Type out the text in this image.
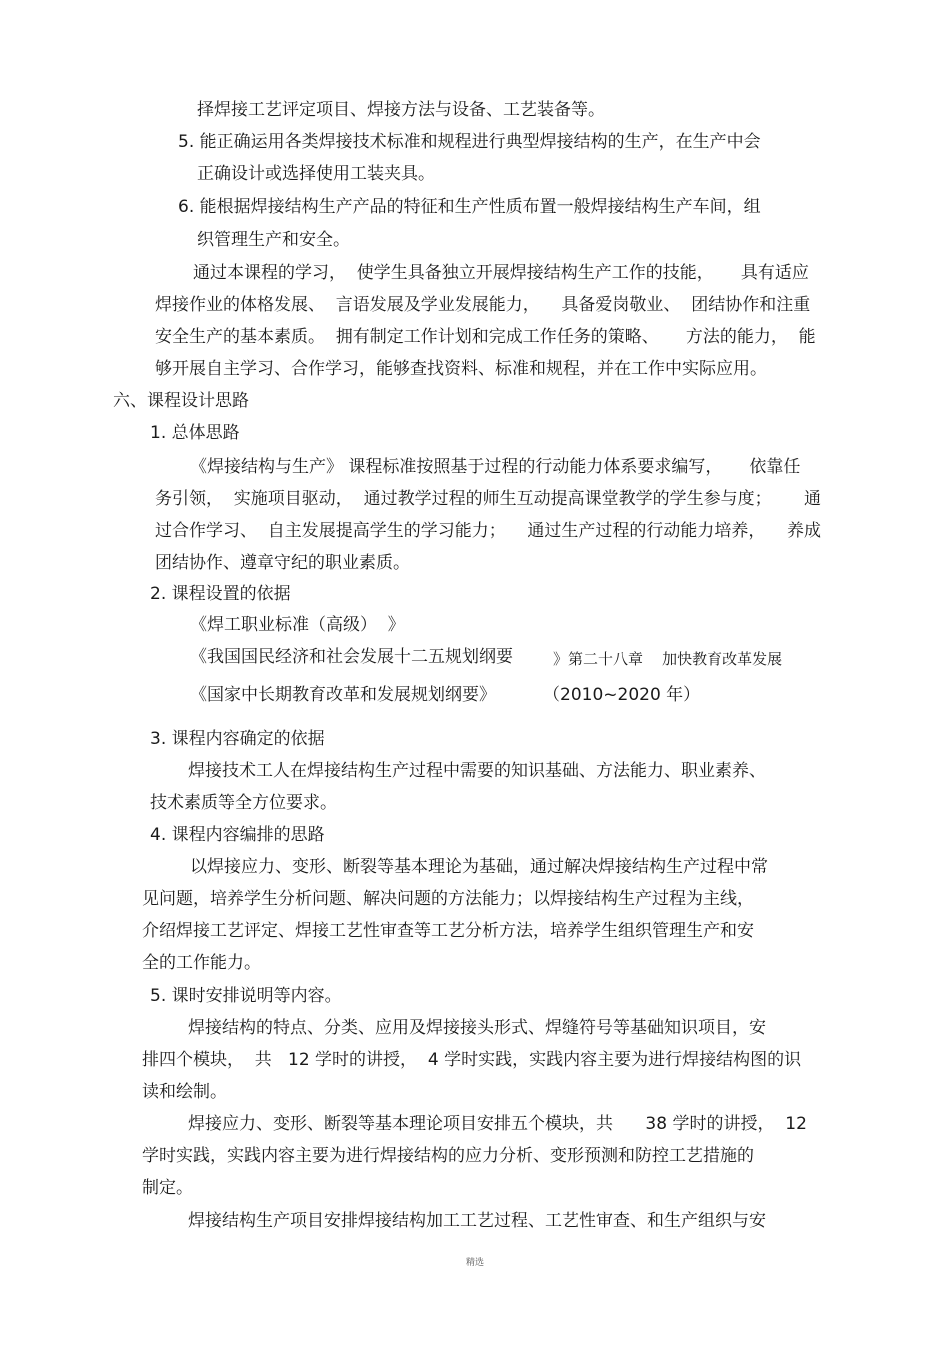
择焊接工艺评定项目、焊接方法与设备、工艺装备等。
5. 能正确运用各类焊接技术标准和规程进行典型焊接结构的生产，在生产中会
正确设计或选择使用工装夹具。
6. 能根据焊接结构生产产品的特征和生产性质布置一般焊接结构生产车间，组
织管理生产和安全。
通过本课程的学习，  使学生具备独立开展焊接结构生产工作的技能，     具有适应
焊接作业的体格发展、  言语发展及学业发展能力，    具备爱岗敬业、  团结协作和注重
安全生产的基本素质。  拥有制定工作计划和完成工作任务的策略、     方法的能力，  能
够开展自主学习、合作学习，能够查找资料、标准和规程，并在工作中实际应用。
六、课程设计思路
1. 总体思路
《焊接结构与生产》 课程标准按照基于过程的行动能力体系要求编写，     依靠任
务引领，  实施项目驱动，  通过教学过程的师生互动提高课堂教学的学生参与度；      通
过合作学习、  自主发展提高学生的学习能力；    通过生产过程的行动能力培养，    养成
团结协作、遵章守纪的职业素质。
2. 课程设置的依据
《焊工职业标准（高级）  》
《我国国民经济和社会发展十二五规划纲要	》第二十八章    加快教育改革发展
《国家中长期教育改革和发展规划纲要》	（2010~2020 年）
3. 课程内容确定的依据
焊接技术工人在焊接结构生产过程中需要的知识基础、方法能力、职业素养、
技术素质等全方位要求。
4. 课程内容编排的思路
以焊接应力、变形、断裂等基本理论为基础，通过解决焊接结构生产过程中常
见问题，培养学生分析问题、解决问题的方法能力；以焊接结构生产过程为主线，
介绍焊接工艺评定、焊接工艺性审查等工艺分析方法，培养学生组织管理生产和安
全的工作能力。
5. 课时安排说明等内容。
焊接结构的特点、分类、应用及焊接接头形式、焊缝符号等基础知识项目，安
排四个模块，  共   12 学时的讲授，  4 学时实践，实践内容主要为进行焊接结构图的识
读和绘制。
焊接应力、变形、断裂等基本理论项目安排五个模块，共      38 学时的讲授，  12
学时实践，实践内容主要为进行焊接结构的应力分析、变形预测和防控工艺措施的
制定。
焊接结构生产项目安排焊接结构加工工艺过程、工艺性审查、和生产组织与安
精选
